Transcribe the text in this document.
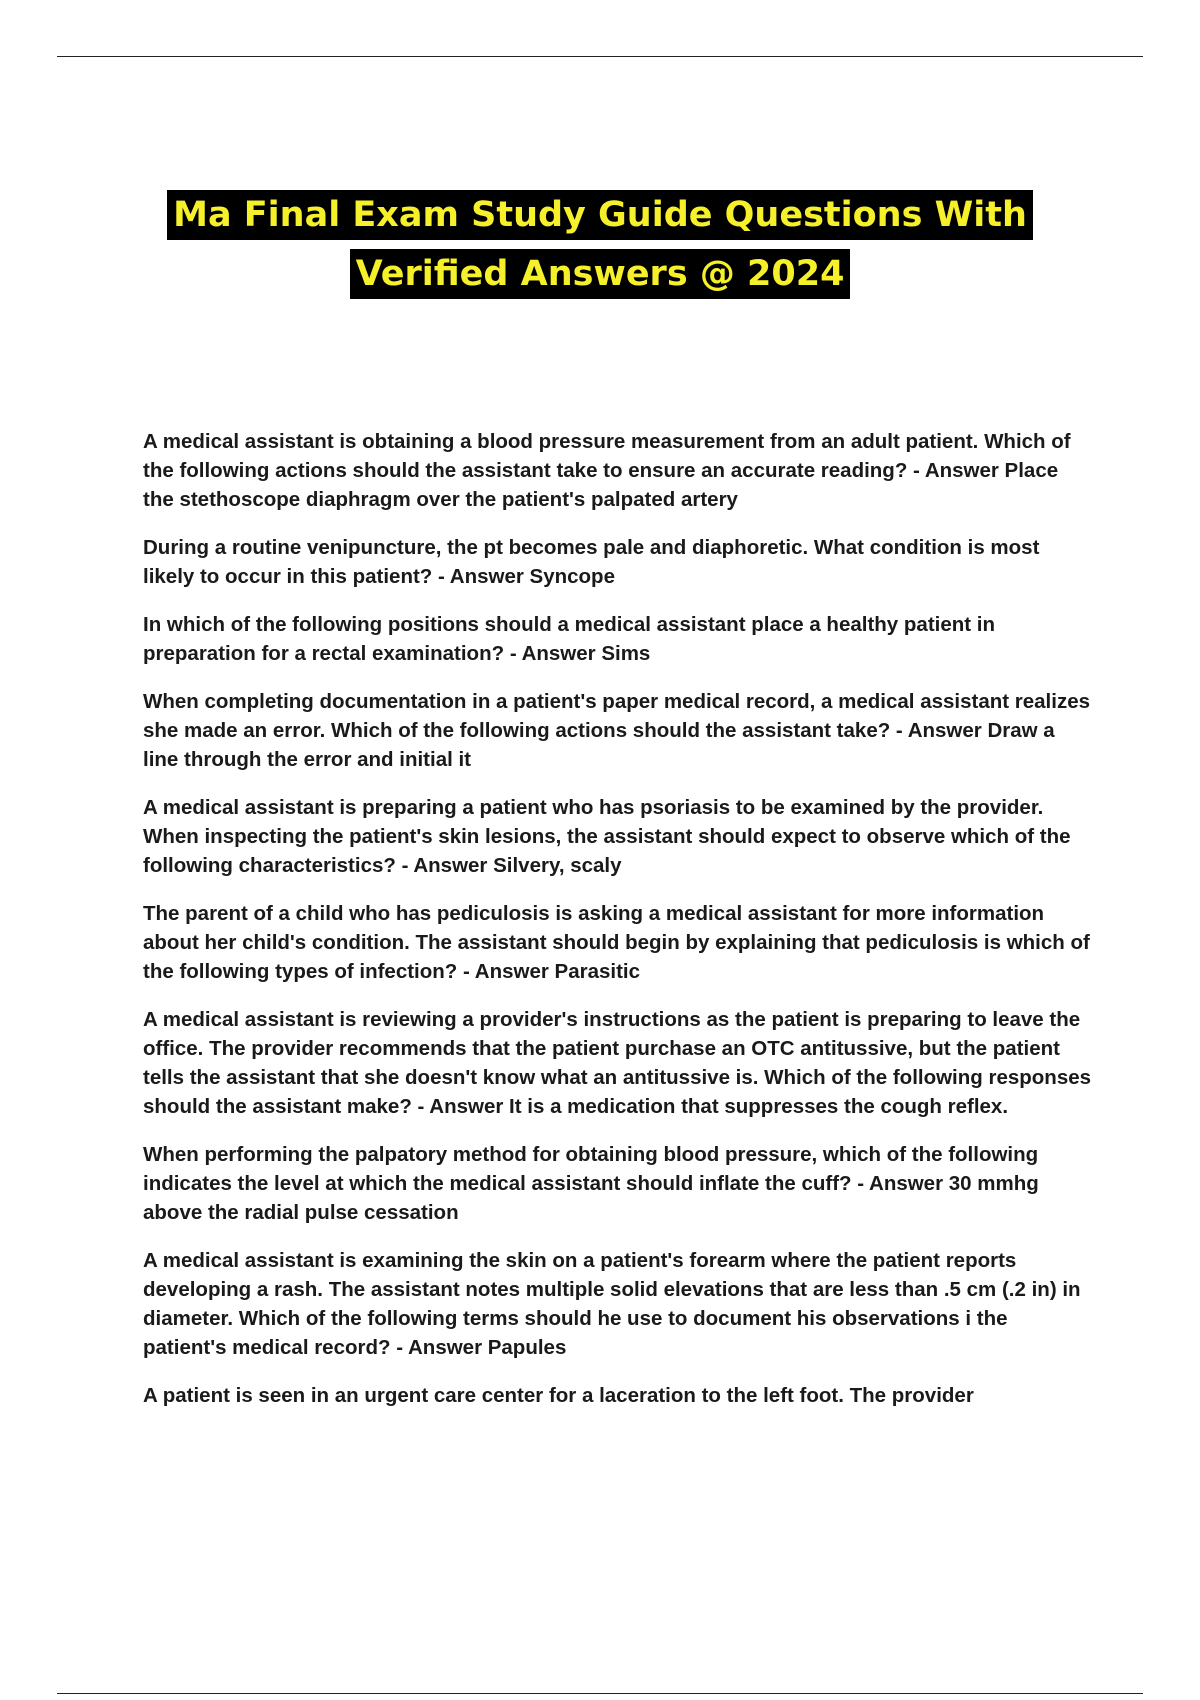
Ma Final Exam Study Guide Questions With
Verified Answers @ 2024

A medical assistant is obtaining a blood pressure measurement from an adult patient. Which of the following actions should the assistant take to ensure an accurate reading? - Answer Place the stethoscope diaphragm over the patient's palpated artery

During a routine venipuncture, the pt becomes pale and diaphoretic. What condition is most likely to occur in this patient? - Answer Syncope

In which of the following positions should a medical assistant place a healthy patient in preparation for a rectal examination? - Answer Sims

When completing documentation in a patient's paper medical record, a medical assistant realizes she made an error. Which of the following actions should the assistant take? - Answer Draw a line through the error and initial it

A medical assistant is preparing a patient who has psoriasis to be examined by the provider. When inspecting the patient's skin lesions, the assistant should expect to observe which of the following characteristics? - Answer Silvery, scaly

The parent of a child who has pediculosis is asking a medical assistant for more information about her child's condition. The assistant should begin by explaining that pediculosis is which of the following types of infection? - Answer Parasitic

A medical assistant is reviewing a provider's instructions as the patient is preparing to leave the office. The provider recommends that the patient purchase an OTC antitussive, but the patient tells the assistant that she doesn't know what an antitussive is. Which of the following responses should the assistant make? - Answer It is a medication that suppresses the cough reflex.

When performing the palpatory method for obtaining blood pressure, which of the following indicates the level at which the medical assistant should inflate the cuff? - Answer 30 mmhg above the radial pulse cessation

A medical assistant is examining the skin on a patient's forearm where the patient reports developing a rash. The assistant notes multiple solid elevations that are less than .5 cm (.2 in) in diameter. Which of the following terms should he use to document his observations i the patient's medical record? - Answer Papules

A patient is seen in an urgent care center for a laceration to the left foot. The provider
